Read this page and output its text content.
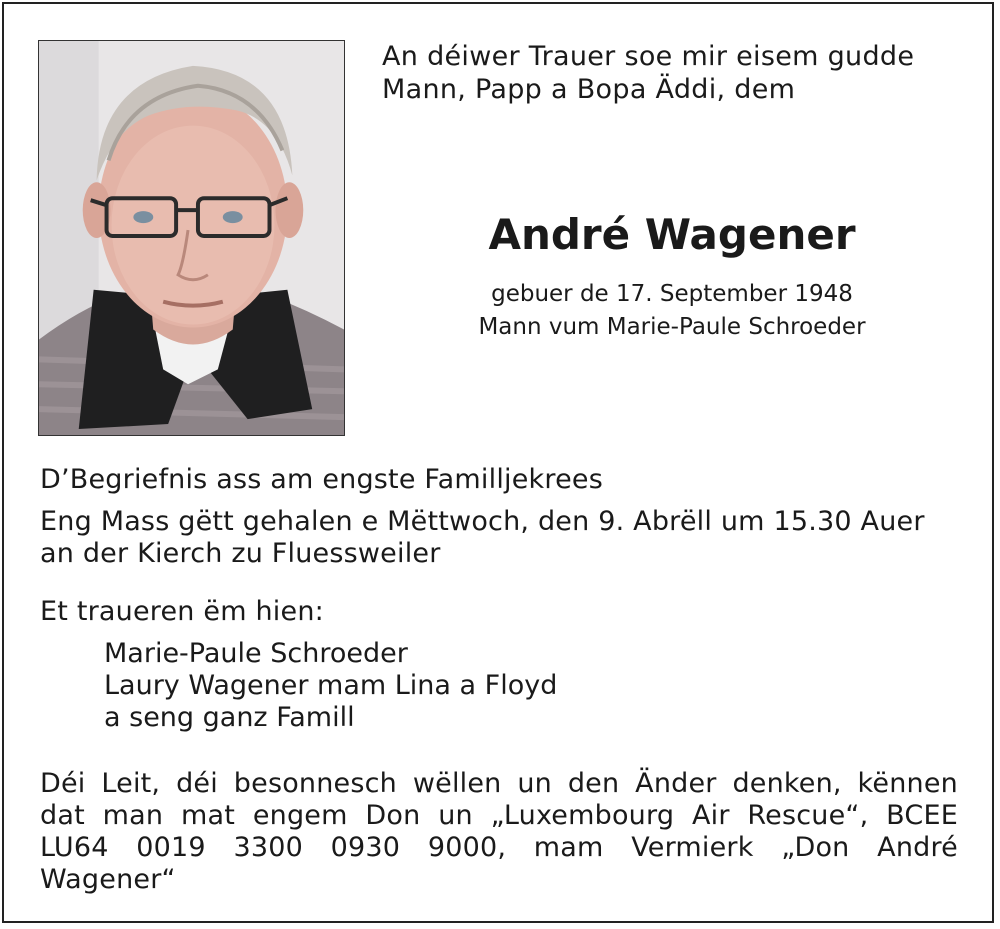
An déiwer Trauer soe mir eisem gudde
Mann, Papp a Bopa Äddi, dem
André Wagener
gebuer de 17. September 1948
Mann vum Marie-Paule Schroeder
D’Begriefnis ass am engste Familljekrees
Eng Mass gëtt gehalen e Mëttwoch, den 9. Abrëll um 15.30 Auer
an der Kierch zu Fluessweiler
Et traueren ëm hien:
Marie-Paule Schroeder
Laury Wagener mam Lina a Floyd
a seng ganz Famill
Déi Leit, déi besonnesch wëllen un den Änder denken, kënnen
dat man mat engem Don un „Luxembourg Air Rescue“, BCEE
LU64 0019 3300 0930 9000, mam Vermierk „Don André
Wagener“
